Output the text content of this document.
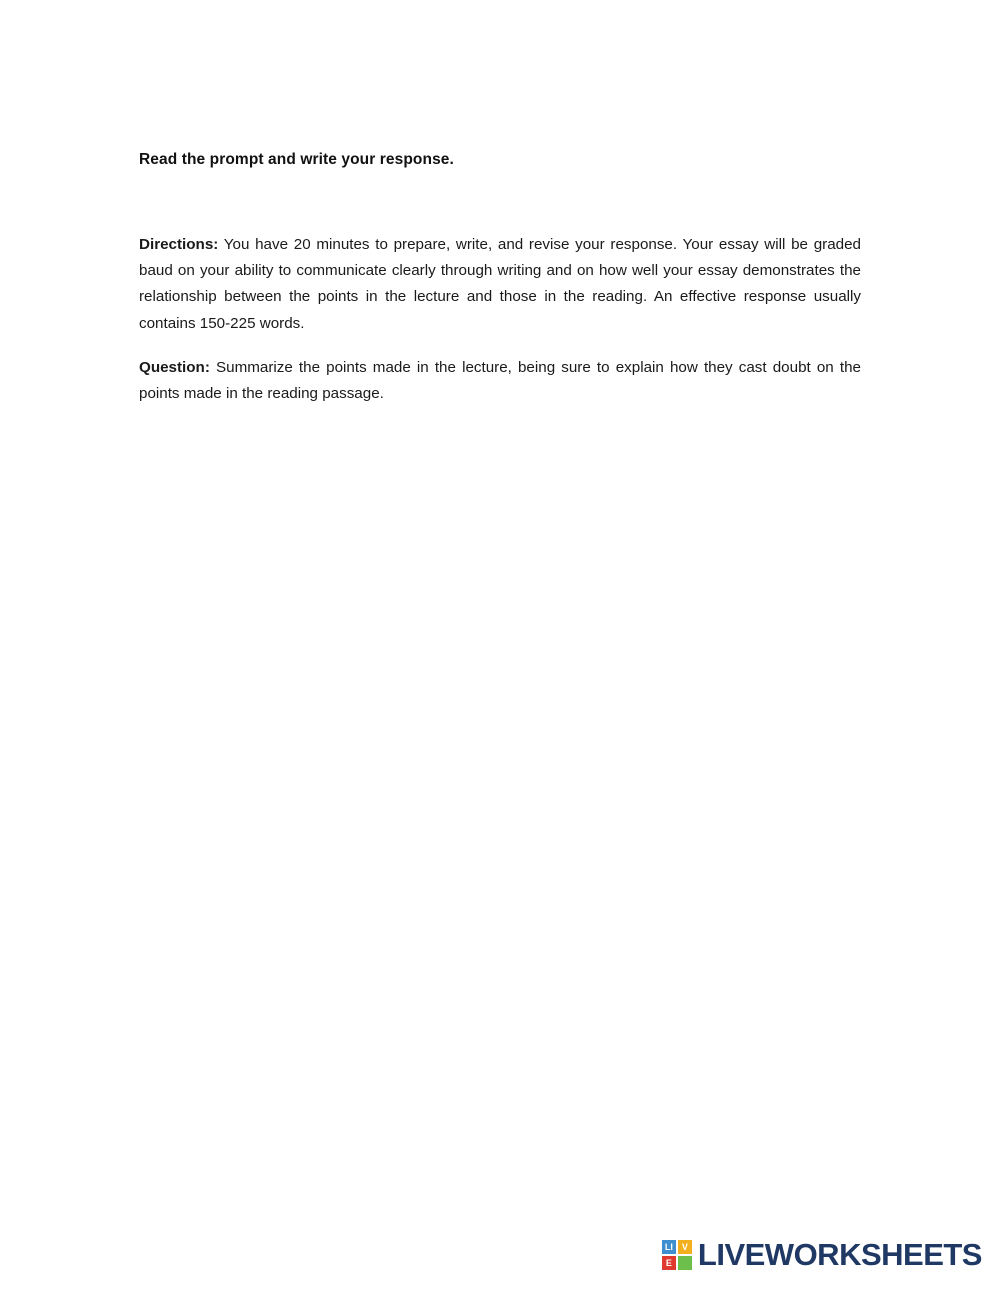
Read the prompt and write your response.

Directions: You have 20 minutes to prepare, write, and revise your response. Your essay will be graded baud on your ability to communicate clearly through writing and on how well your essay demonstrates the relationship between the points in the lecture and those in the reading. An effective response usually contains 150-225 words.

Question: Summarize the points made in the lecture, being sure to explain how they cast doubt on the points made in the reading passage.

LI V
E LIVEWORKSHEETS
